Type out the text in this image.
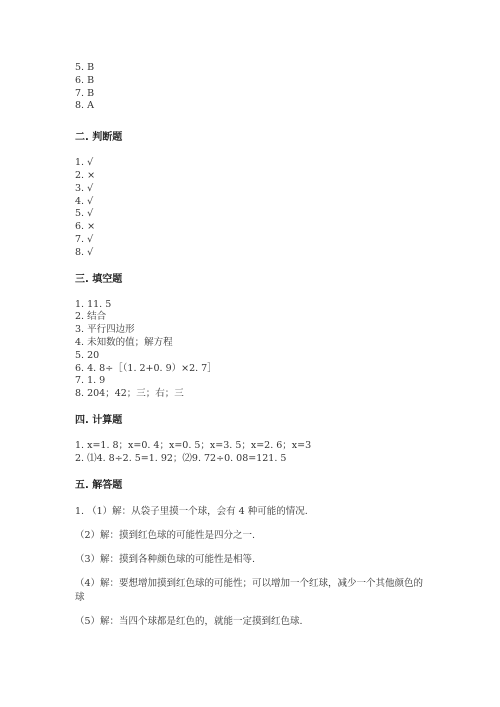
5. B
6. B
7. B
8. A
二. 判断题
1. √
2. ×
3. √
4. √
5. √
6. ×
7. √
8. √
三. 填空题
1. 11. 5
2. 结合
3. 平行四边形
4. 未知数的值；解方程
5. 20
6. 4. 8÷［（1. 2+0. 9）×2. 7］
7. 1. 9
8. 204；42；三；右；三
四. 计算题
1. x=1. 8；x=0. 4；x=0. 5；x=3. 5；x=2. 6；x=3
2. ⑴4. 8÷2. 5=1. 92；⑵9. 72÷0. 08=121. 5
五. 解答题
1. （1）解：从袋子里摸一个球，会有 4 种可能的情况.
（2）解：摸到红色球的可能性是四分之一.
（3）解：摸到各种颜色球的可能性是相等.
（4）解：要想增加摸到红色球的可能性；可以增加一个红球，减少一个其他颜色的球
（5）解：当四个球都是红色的，就能一定摸到红色球.
